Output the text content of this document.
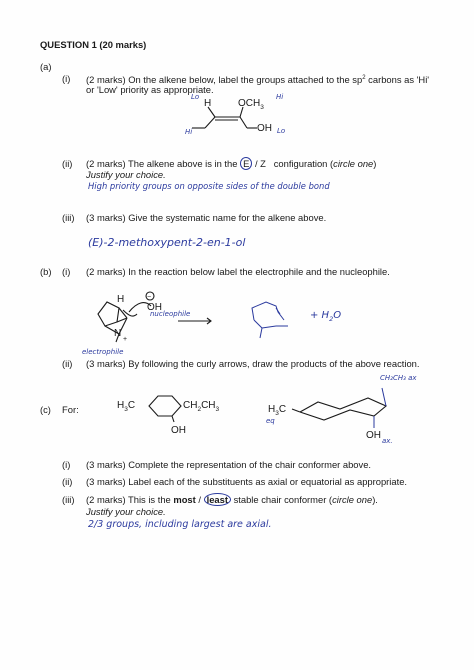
QUESTION 1 (20 marks)
(a)
(i) (2 marks) On the alkene below, label the groups attached to the $sp^2$ carbons as 'Hi'
or 'Low' priority as appropriate.
H	$OCH_3$
OH
Lo	Hi
Hi	Lo
(ii) (2 marks) The alkene above is in the E / Z configuration (circle one)
Justify your choice.
High priority groups on opposite sides of the double bond
(iii) (3 marks) Give the systematic name for the alkene above.
(E)-2-methoxypent-2-en-1-ol
(b) (i) (2 marks) In the reaction below label the electrophile and the nucleophile.
H
OH
−
N
+
nucleophile
electrophile
+ $H_2O$
(ii) (3 marks) By following the curly arrows, draw the products of the above reaction.
(c) For:	$H_3C$	$CH_2CH_3$
OH
$H_3C$
OH
CH₂CH₃ ax
eq
ax.
(i) (3 marks) Complete the representation of the chair conformer above.
(ii) (3 marks) Label each of the substituents as axial or equatorial as appropriate.
(iii) (2 marks) This is the most / least stable chair conformer (circle one).
Justify your choice.
2/3 groups, including largest are axial.
